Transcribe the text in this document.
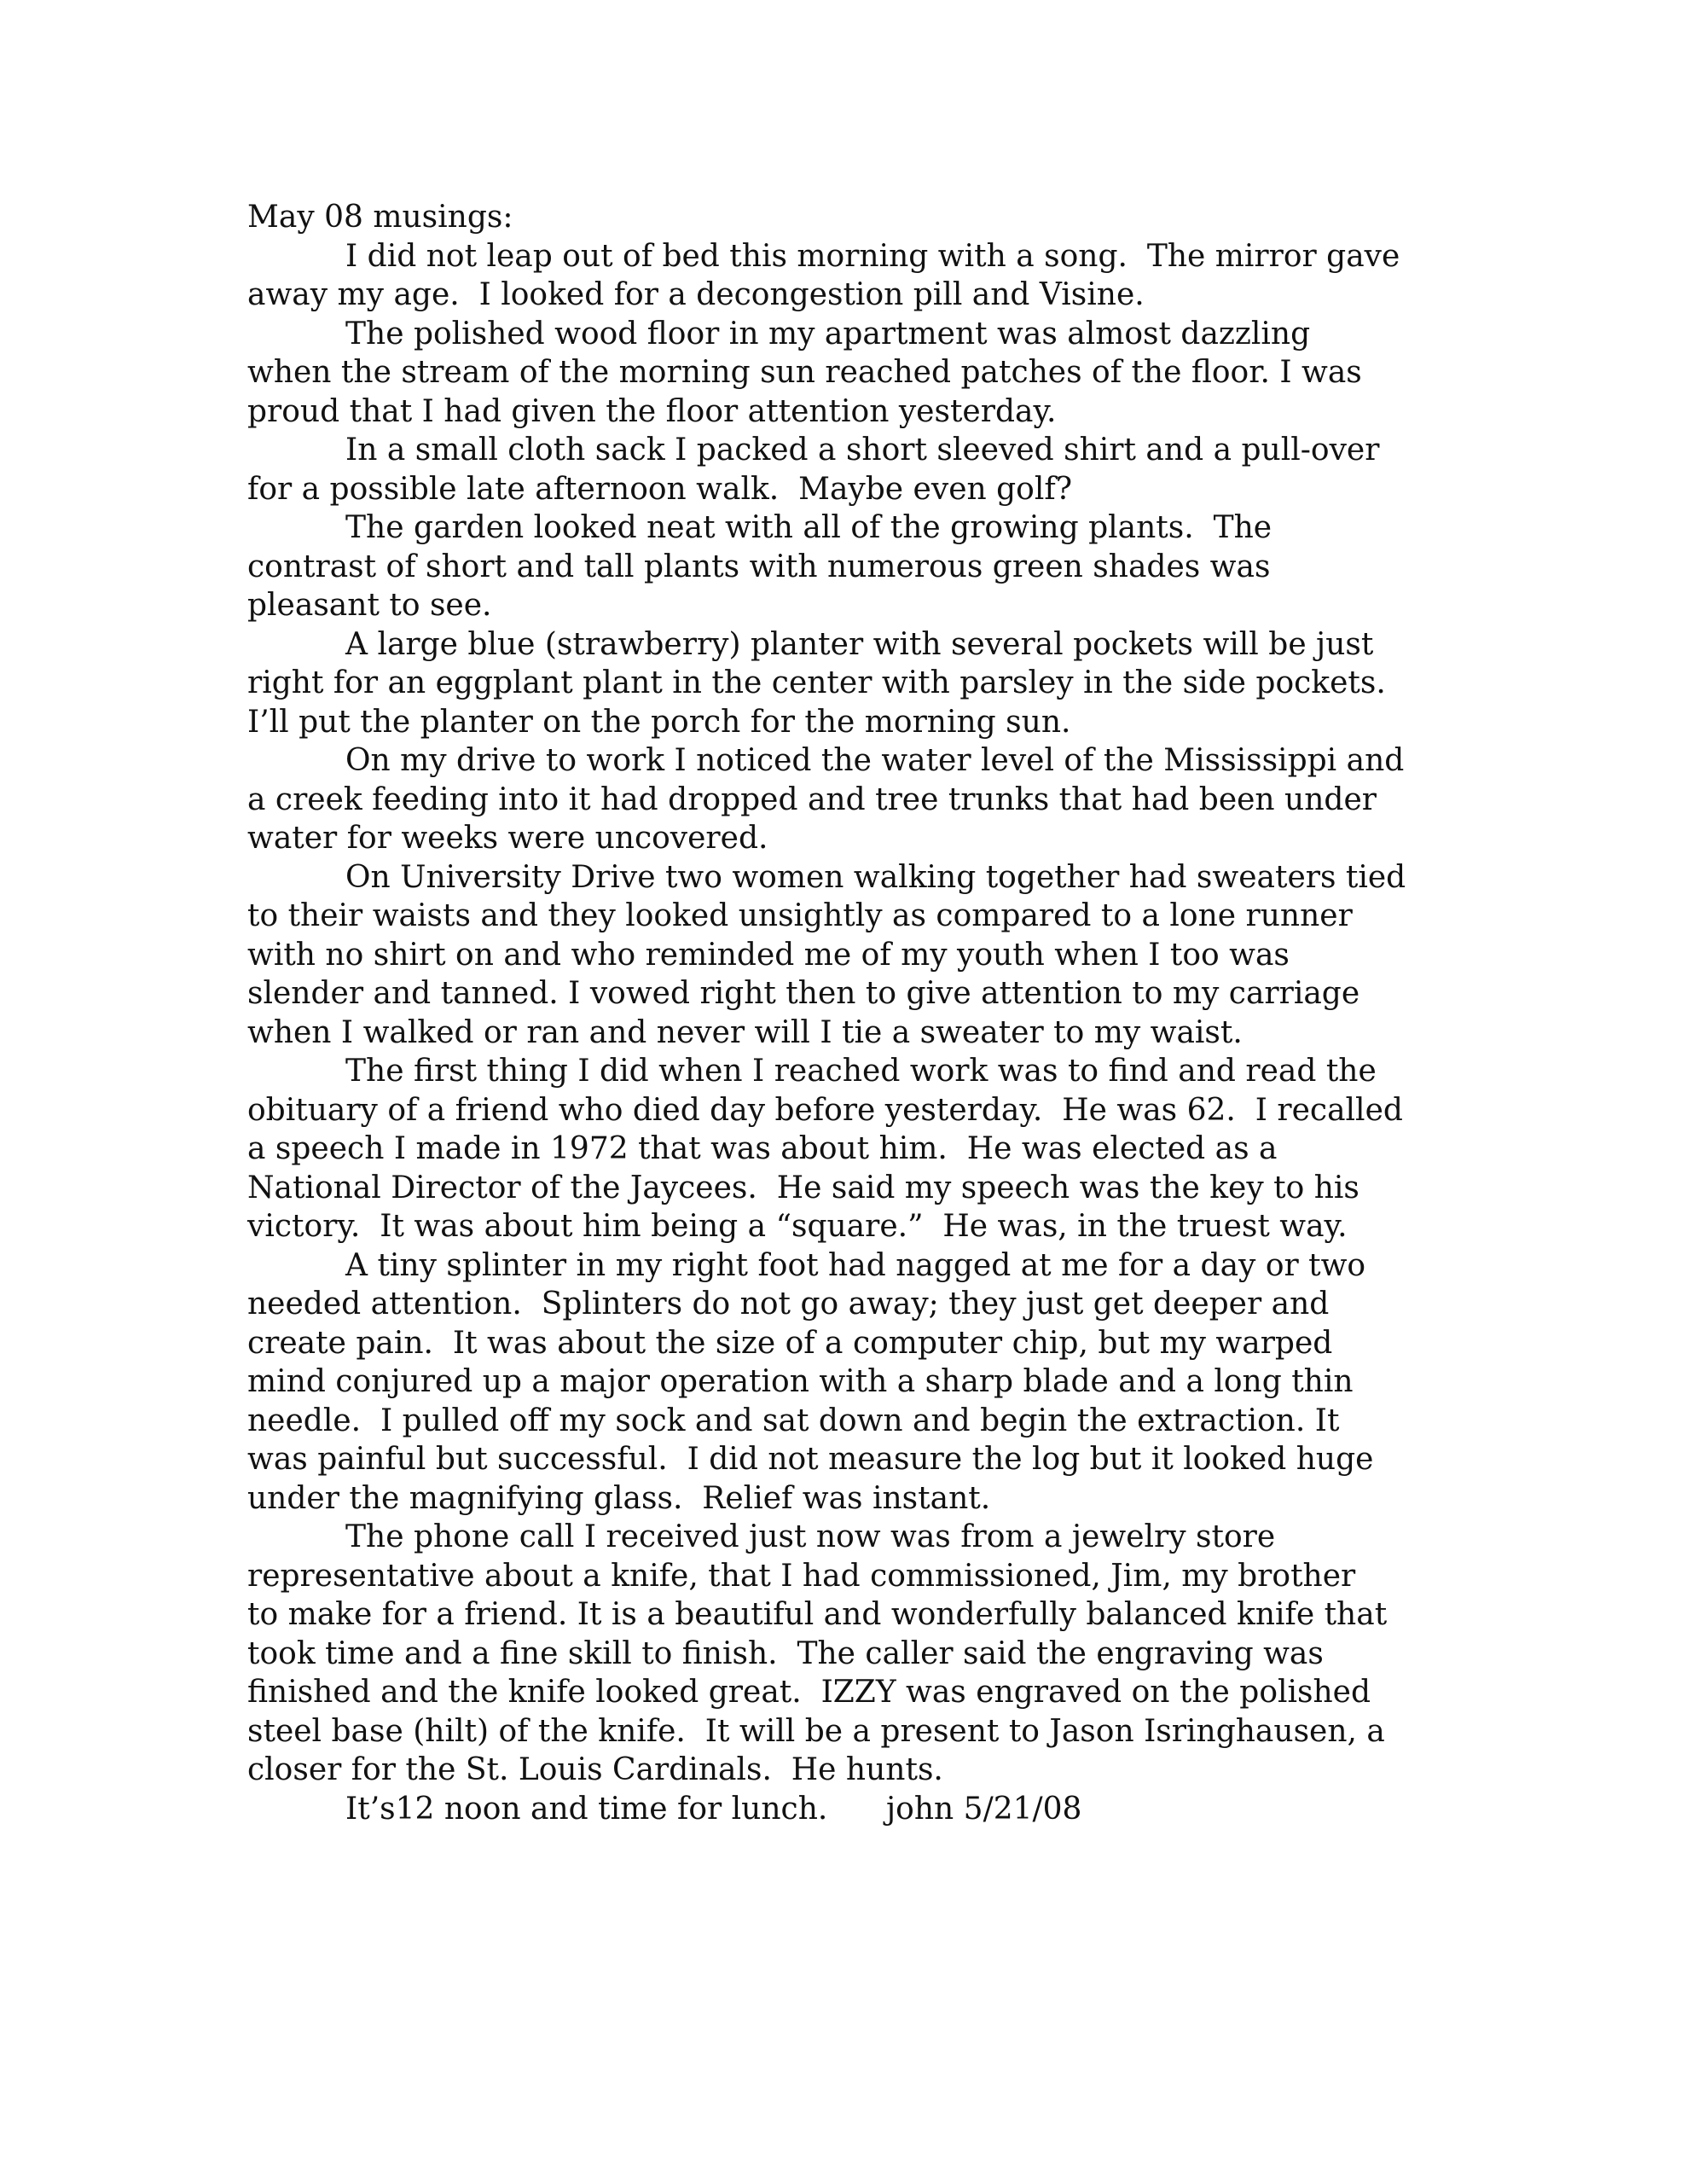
May 08 musings:
I did not leap out of bed this morning with a song.  The mirror gave
away my age.  I looked for a decongestion pill and Visine.
The polished wood floor in my apartment was almost dazzling
when the stream of the morning sun reached patches of the floor. I was
proud that I had given the floor attention yesterday.
In a small cloth sack I packed a short sleeved shirt and a pull-over
for a possible late afternoon walk.  Maybe even golf?
The garden looked neat with all of the growing plants.  The
contrast of short and tall plants with numerous green shades was
pleasant to see.
A large blue (strawberry) planter with several pockets will be just
right for an eggplant plant in the center with parsley in the side pockets.
I’ll put the planter on the porch for the morning sun.
On my drive to work I noticed the water level of the Mississippi and
a creek feeding into it had dropped and tree trunks that had been under
water for weeks were uncovered.
On University Drive two women walking together had sweaters tied
to their waists and they looked unsightly as compared to a lone runner
with no shirt on and who reminded me of my youth when I too was
slender and tanned. I vowed right then to give attention to my carriage
when I walked or ran and never will I tie a sweater to my waist.
The first thing I did when I reached work was to find and read the
obituary of a friend who died day before yesterday.  He was 62.  I recalled
a speech I made in 1972 that was about him.  He was elected as a
National Director of the Jaycees.  He said my speech was the key to his
victory.  It was about him being a “square.”  He was, in the truest way.
A tiny splinter in my right foot had nagged at me for a day or two
needed attention.  Splinters do not go away; they just get deeper and
create pain.  It was about the size of a computer chip, but my warped
mind conjured up a major operation with a sharp blade and a long thin
needle.  I pulled off my sock and sat down and begin the extraction. It
was painful but successful.  I did not measure the log but it looked huge
under the magnifying glass.  Relief was instant.
The phone call I received just now was from a jewelry store
representative about a knife, that I had commissioned, Jim, my brother
to make for a friend. It is a beautiful and wonderfully balanced knife that
took time and a fine skill to finish.  The caller said the engraving was
finished and the knife looked great.  IZZY was engraved on the polished
steel base (hilt) of the knife.  It will be a present to Jason Isringhausen, a
closer for the St. Louis Cardinals.  He hunts.
It’s12 noon and time for lunch.      john 5/21/08
